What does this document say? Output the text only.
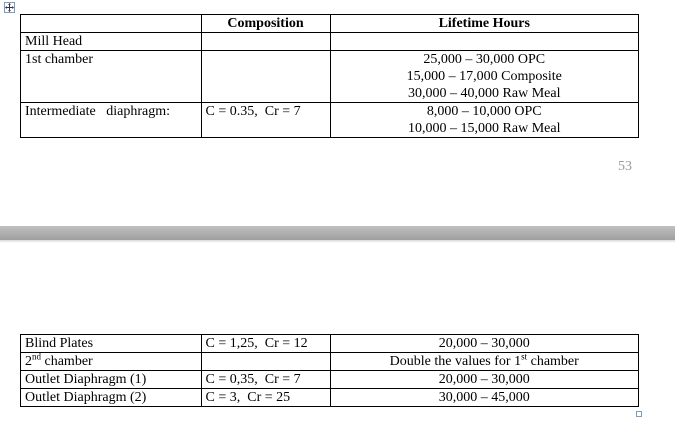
	Composition	Lifetime Hours
Mill Head		
1st chamber		25,000 – 30,000 OPC
15,000 – 17,000 Composite
30,000 – 40,000 Raw Meal

Intermediate   diaphragm:	C = 0.35,  Cr = 7	8,000 – 10,000 OPC
10,000 – 15,000 Raw Meal
53
Blind Plates	C = 1,25,  Cr = 12	20,000 – 30,000
2nd chamber		Double the values for 1st chamber
Outlet Diaphragm (1)	C = 0,35,  Cr = 7	20,000 – 30,000
Outlet Diaphragm (2)	C = 3,  Cr = 25	30,000 – 45,000
